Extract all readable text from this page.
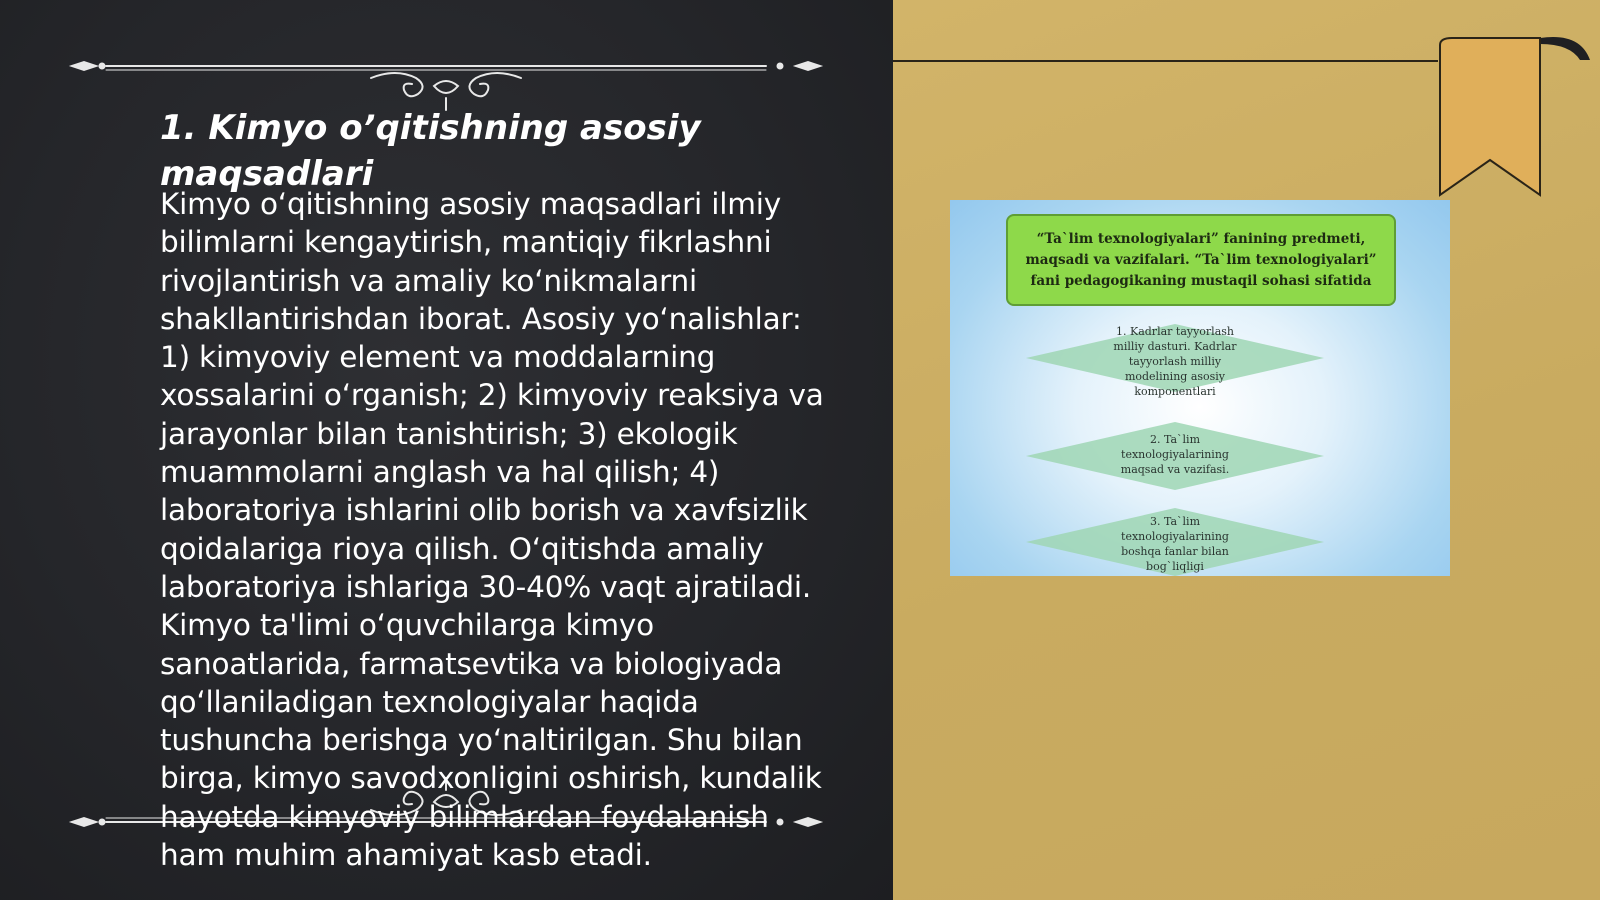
1. Kimyo o’qitishning asosiy maqsadlari

Kimyo o‘qitishning asosiy maqsadlari ilmiy bilimlarni kengaytirish, mantiqiy fikrlashni rivojlantirish va amaliy ko‘nikmalarni shakllantirishdan iborat. Asosiy yo‘nalishlar: 1) kimyoviy element va moddalarning xossalarini o‘rganish; 2) kimyoviy reaksiya va jarayonlar bilan tanishtirish; 3) ekologik muammolarni anglash va hal qilish; 4) laboratoriya ishlarini olib borish va xavfsizlik qoidalariga rioya qilish. O‘qitishda amaliy laboratoriya ishlariga 30-40% vaqt ajratiladi. Kimyo ta'limi o‘quvchilarga kimyo sanoatlarida, farmatsevtika va biologiyada qo‘llaniladigan texnologiyalar haqida tushuncha berishga yo‘naltirilgan. Shu bilan birga, kimyo savodxonligini oshirish, kundalik hayotda kimyoviy bilimlardan foydalanish ham muhim ahamiyat kasb etadi.

“Ta`lim texnologiyalari” fanining predmeti, maqsadi va vazifalari. “Ta`lim texnologiyalari” fani pedagogikaning mustaqil sohasi sifatida
1. Kadrlar tayyorlash milliy dasturi. Kadrlar tayyorlash milliy modelining asosiy komponentlari
2. Ta`lim texnologiyalarining maqsad va vazifasi.
3. Ta`lim texnologiyalarining boshqa fanlar bilan bog`liqligi
